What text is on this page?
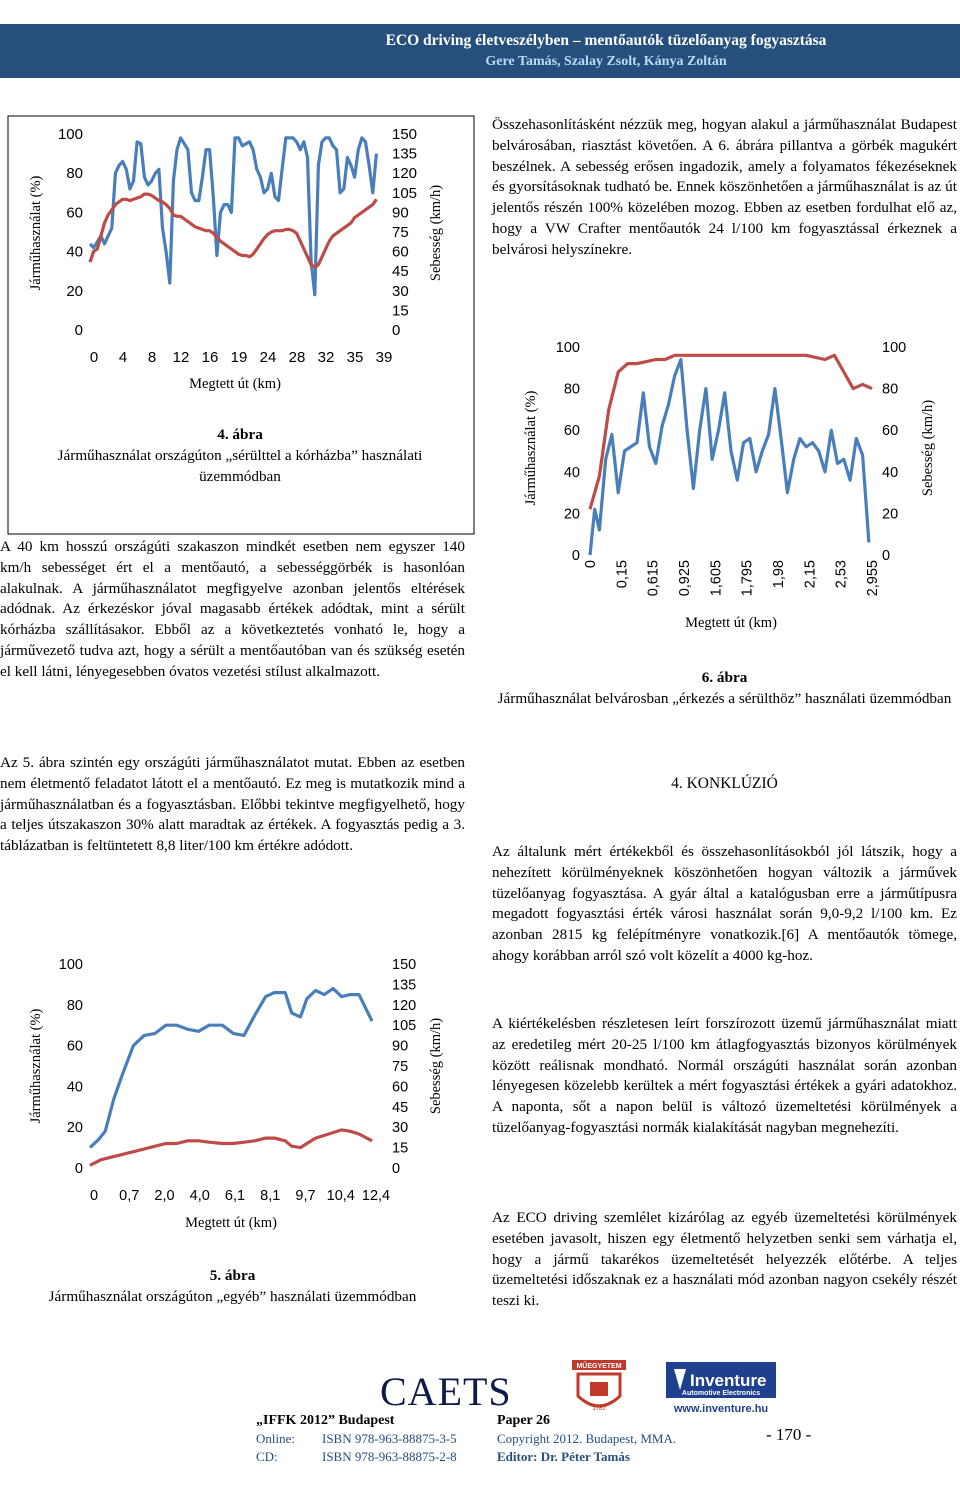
ECO driving életveszélyben – mentőautók tüzelőanyag fogyasztása
Gere Tamás, Szalay Zsolt, Kánya Zoltán
0
20
40
60
80
100
0
15
30
45
60
75
90
105
120
135
150
0 4 8 12 16 19 24 28 32 35 39
Megtett út (km)
Járműhasználat (%)	Sebesség (km/h)
4. ábra
Járműhasználat országúton „sérülttel a kórházba” használati üzemmódban

A 40 km hosszú országúti szakaszon mindkét esetben nem egyszer 140 km/h sebességet ért el a mentőautó, a sebességgörbék is hasonlóan alakulnak. A járműhasználatot megfigyelve azonban jelentős eltérések adódnak. Az érkezéskor jóval magasabb értékek adódtak, mint a sérült kórházba szállításakor. Ebből az a következtetés vonható le, hogy a járművezető tudva azt, hogy a sérült a mentőautóban van és szükség esetén el kell látni, lényegesebben óvatos vezetési stílust alkalmazott.

Az 5. ábra szintén egy országúti járműhasználatot mutat. Ebben az esetben nem életmentő feladatot látott el a mentőautó. Ez meg is mutatkozik mind a járműhasználatban és a fogyasztásban. Előbbi tekintve megfigyelhető, hogy a teljes útszakaszon 30% alatt maradtak az értékek. A fogyasztás pedig a 3. táblázatban is feltüntetett 8,8 liter/100 km értékre adódott.

0
20
40
60
80
100
0
15
30
45
60
75
90
105
120
135
150
0 0,7 2,0 4,0 6,1 8,1 9,7 10,4 12,4
Megtett út (km)
Járműhasználat (%)	Sebesség (km/h)
5. ábra
Járműhasználat országúton „egyéb” használati üzemmódban

Összehasonlításként nézzük meg, hogyan alakul a járműhasználat Budapest belvárosában, riasztást követően. A 6. ábrára pillantva a görbék magukért beszélnek. A sebesség erősen ingadozik, amely a folyamatos fékezéseknek és gyorsításoknak tudható be. Ennek köszönhetően a járműhasználat is az út jelentős részén 100% közelében mozog. Ebben az esetben fordulhat elő az, hogy a VW Crafter mentőautók 24 l/100 km fogyasztással érkeznek a belvárosi helyszínekre.

0
20
40
60
80
100
0
20
40
60
80
100
0 0,15 0,615 0,925 1,605 1,795 1,98 2,15 2,53 2,955
Megtett út (km)
Járműhasználat (%)	Sebesség (km/h)
6. ábra
Járműhasználat belvárosban „érkezés a sérülthöz” használati üzemmódban
4. KONKLÚZIÓ

Az általunk mért értékekből és összehasonlításokból jól látszik, hogy a nehezített körülményeknek köszönhetően hogyan változik a járművek tüzelőanyag fogyasztása. A gyár által a katalógusban erre a járműtípusra megadott fogyasztási érték városi használat során 9,0-9,2 l/100 km. Ez azonban 2815 kg felépítményre vonatkozik.[6] A mentőautók tömege, ahogy korábban arról szó volt közelít a 4000 kg-hoz.

A kiértékelésben részletesen leírt forszírozott üzemű járműhasználat miatt az eredetileg mért 20-25 l/100 km átlagfogyasztás bizonyos körülmények között reálisnak mondható. Normál országúti használat során azonban lényegesen közelebb kerültek a mért fogyasztási értékek a gyári adatokhoz. A naponta, sőt a napon belül is változó üzemeltetési körülmények a tüzelőanyag-fogyasztási normák kialakítását nagyban megnehezíti.

Az ECO driving szemlélet kizárólag az egyéb üzemeltetési körülmények esetében javasolt, hiszen egy életmentő helyzetben senki sem várhatja el, hogy a jármű takarékos üzemeltetését helyezzék előtérbe. A teljes üzemeltetési időszaknak ez a használati mód azonban nagyon csekély részét teszi ki.

CAETS
MŰEGYETEM
1782
Inventure
Automotive Electronics
www.inventure.hu
„IFFK 2012” Budapest
Online: ISBN 978-963-88875-3-5
CD:	ISBN 978-963-88875-2-8
Paper 26
Copyright 2012. Budapest, MMA.
Editor: Dr. Péter Tamás
- 170 -
